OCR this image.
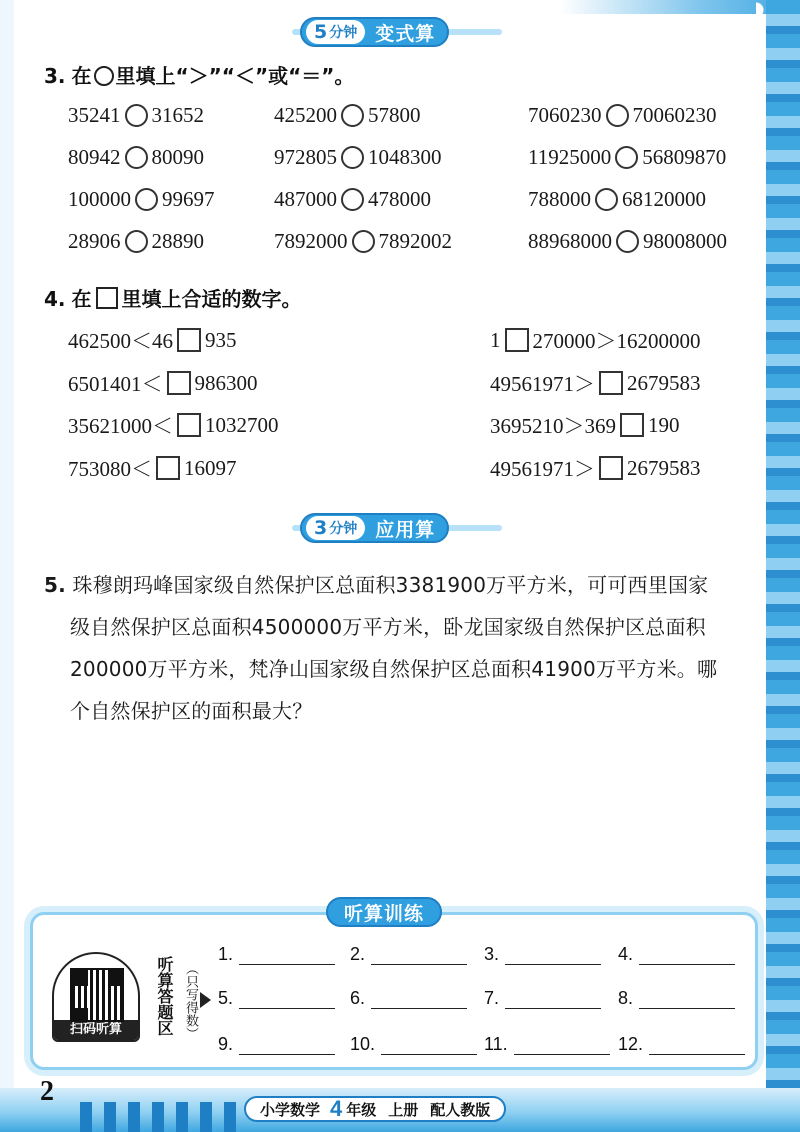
5 分钟 变式算
3. 在 里填上“＞”“＜”或“＝”。
35241 31652	425200 57800	7060230 70060230
80942 80090	972805 1048300	11925000 56809870
100000 99697	487000 478000	788000 68120000
28906 28890	7892000 7892002	88968000 98008000
4. 在 里填上合适的数字。
462500＜46 935	1 270000＞16200000
6501401＜ 986300	49561971＞ 2679583
35621000＜ 1032700	3695210＞369 190
753080＜ 16097	49561971＞ 2679583
3 分钟 应用算
5. 珠穆朗玛峰国家级自然保护区总面积3381900万平方米，可可西里国家
级自然保护区总面积4500000万平方米，卧龙国家级自然保护区总面积
200000万平方米，梵净山国家级自然保护区总面积41900万平方米。哪
个自然保护区的面积最大？
听算训练
扫码听算	听算答题区 （只写得数）
1.	2.	3.	4.
5.	6.	7.	8.
9.	10.	11.	12.
2
小学数学 4 年级 上册 配人教版
